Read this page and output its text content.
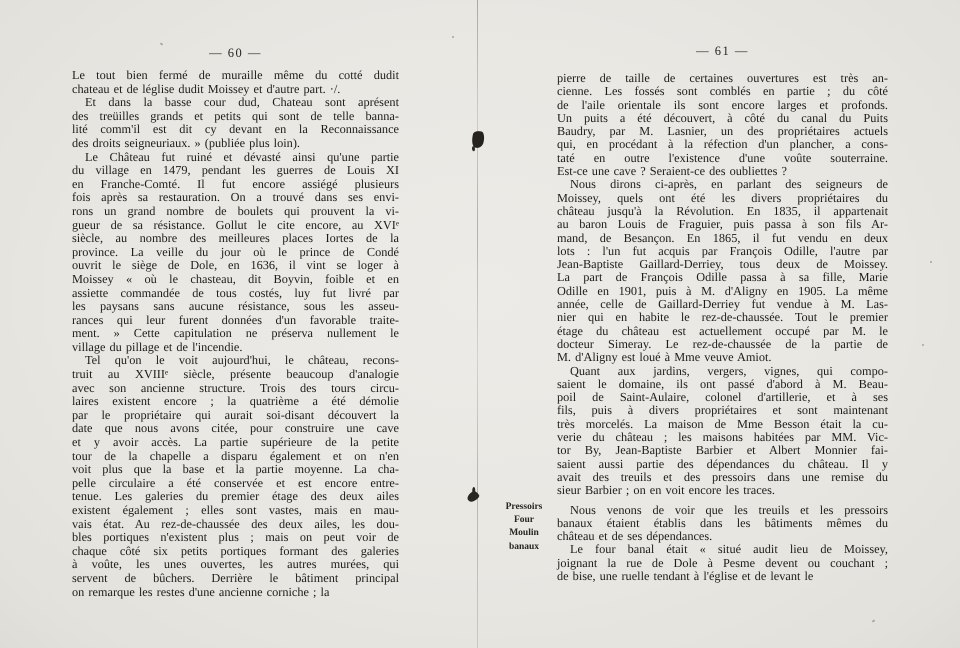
— 60 —	— 61 —
Le tout bien fermé de muraille même du cotté dudit
chateau et de léglise dudit Moissey et d'autre part. ·/.
Et dans la basse cour dud, Chateau sont aprésent
des treüilles grands et petits qui sont de telle banna-
lité comm'il est dit cy devant en la Reconnaissance
des droits seigneuriaux. » (publiée plus loin).
Le Château fut ruiné et dévasté ainsi qu'une partie
du village en 1479, pendant les guerres de Louis XI
en Franche-Comté. Il fut encore assiégé plusieurs
fois après sa restauration. On a trouvé dans ses envi-
rons un grand nombre de boulets qui prouvent la vi-
gueur de sa résistance. Gollut le cite encore, au XVIᵉ
siècle, au nombre des meilleures places Iortes de la
province. La veille du jour où le prince de Condé
ouvrit le siège de Dole, en 1636, il vint se loger à
Moissey « où le chasteau, dit Boyvin, foible et en
assiette commandée de tous costés, luy fut livré par
les paysans sans aucune résistance, sous les asseu-
rances qui leur furent données d'un favorable traite-
ment. » Cette capitulation ne préserva nullement le
village du pillage et de l'incendie.
Tel qu'on le voit aujourd'hui, le château, recons-
truit au XVIIIᵉ siècle, présente beaucoup d'analogie
avec son ancienne structure. Trois des tours circu-
laires existent encore ; la quatrième a été démolie
par le propriétaire qui aurait soi-disant découvert la
date que nous avons citée, pour construire une cave
et y avoir accès. La partie supérieure de la petite
tour de la chapelle a disparu également et on n'en
voit plus que la base et la partie moyenne. La cha-
pelle circulaire a été conservée et est encore entre-
tenue. Les galeries du premier étage des deux ailes
existent également ; elles sont vastes, mais en mau-
vais état. Au rez-de-chaussée des deux ailes, les dou-
bles portiques n'existent plus ; mais on peut voir de
chaque côté six petits portiques formant des galeries
à voûte, les unes ouvertes, les autres murées, qui
servent de bûchers. Derrière le bâtiment principal
on remarque les restes d'une ancienne corniche ; la
Pressoirs
Four
Moulin
banaux
pierre de taille de certaines ouvertures est très an-
cienne. Les fossés sont comblés en partie ; du côté
de l'aile orientale ils sont encore larges et profonds.
Un puits a été découvert, à côté du canal du Puits
Baudry, par M. Lasnier, un des propriétaires actuels
qui, en procédant à la réfection d'un plancher, a cons-
taté en outre l'existence d'une voûte souterraine.
Est-ce une cave ? Seraient-ce des oubliettes ?
Nous dirons ci-après, en parlant des seigneurs de
Moissey, quels ont été les divers propriétaires du
château jusqu'à la Révolution. En 1835, il appartenait
au baron Louis de Fraguier, puis passa à son fils Ar-
mand, de Besançon. En 1865, il fut vendu en deux
lots : l'un fut acquis par François Odille, l'autre par
Jean-Baptiste Gaillard-Derriey, tous deux de Moissey.
La part de François Odille passa à sa fille, Marie
Odille en 1901, puis à M. d'Aligny en 1905. La même
année, celle de Gaillard-Derriey fut vendue à M. Las-
nier qui en habite le rez-de-chaussée. Tout le premier
étage du château est actuellement occupé par M. le
docteur Simeray. Le rez-de-chaussée de la partie de
M. d'Aligny est loué à Mme veuve Amiot.
Quant aux jardins, vergers, vignes, qui compo-
saient le domaine, ils ont passé d'abord à M. Beau-
poil de Saint-Aulaire, colonel d'artillerie, et à ses
fils, puis à divers propriétaires et sont maintenant
très morcelés. La maison de Mme Besson était la cu-
verie du château ; les maisons habitées par MM. Vic-
tor By, Jean-Baptiste Barbier et Albert Monnier fai-
saient aussi partie des dépendances du château. Il y
avait des treuils et des pressoirs dans une remise du
sieur Barbier ; on en voit encore les traces.
Nous venons de voir que les treuils et les pressoirs
banaux étaient établis dans les bâtiments mêmes du
château et de ses dépendances.
Le four banal était « situé audit lieu de Moissey,
joignant la rue de Dole à Pesme devent ou couchant ;
de bise, une ruelle tendant à l'église et de levant le
